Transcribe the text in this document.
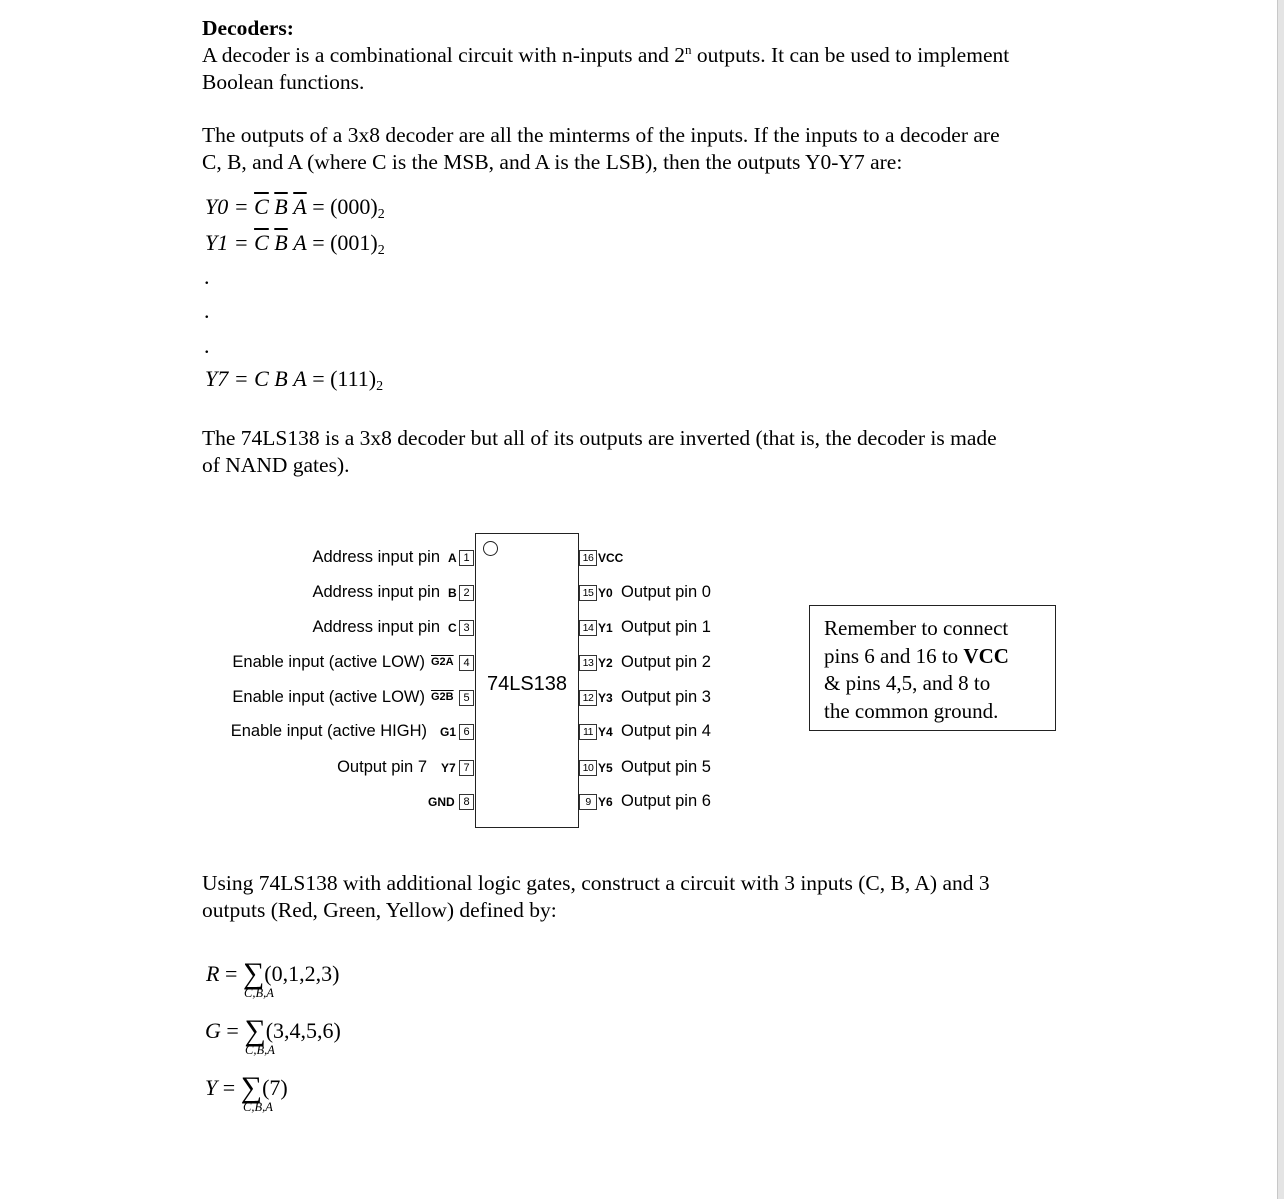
Decoders:
A decoder is a combinational circuit with n-inputs and 2$^n$ outputs. It can be used to implement
Boolean functions.
The outputs of a 3x8 decoder are all the minterms of the inputs. If the inputs to a decoder are
C, B, and A (where C is the MSB, and A is the LSB), then the outputs Y0-Y7 are:
$Y0 = \overline{C}$ $\overline{B}$ $\overline{A} = (000)2$
$Y1 = \overline{C}$ $\overline{B}$ A = (001)2
.
.
.
Y7 = C B A = (111)2
The 74LS138 is a 3x8 decoder but all of its outputs are inverted (that is, the decoder is made
of NAND gates).
74LS138
Address input pin
Address input pin
Address input pin
Enable input (active LOW)
Enable input (active LOW)
Enable input (active HIGH)
Output pin 7
A
B
C
G2A
G2B
G1
Y7
GND
1
2
3
4
5
6
7
8
16
15
14
13
12
11
10
9
VCC
Y0
Y1
Y2
Y3
Y4
Y5
Y6
Output pin 0
Output pin 1
Output pin 2
Output pin 3
Output pin 4
Output pin 5
Output pin 6
Remember to connect
pins 6 and 16 to VCC
& pins 4,5, and 8 to
the common ground.
Using 74LS138 with additional logic gates, construct a circuit with 3 inputs (C, B, A) and 3
outputs (Red, Green, Yellow) defined by:
R = ∑(0,1,2,3)
C,B,A
G = ∑(3,4,5,6)
C,B,A
Y = ∑(7)
C,B,A
